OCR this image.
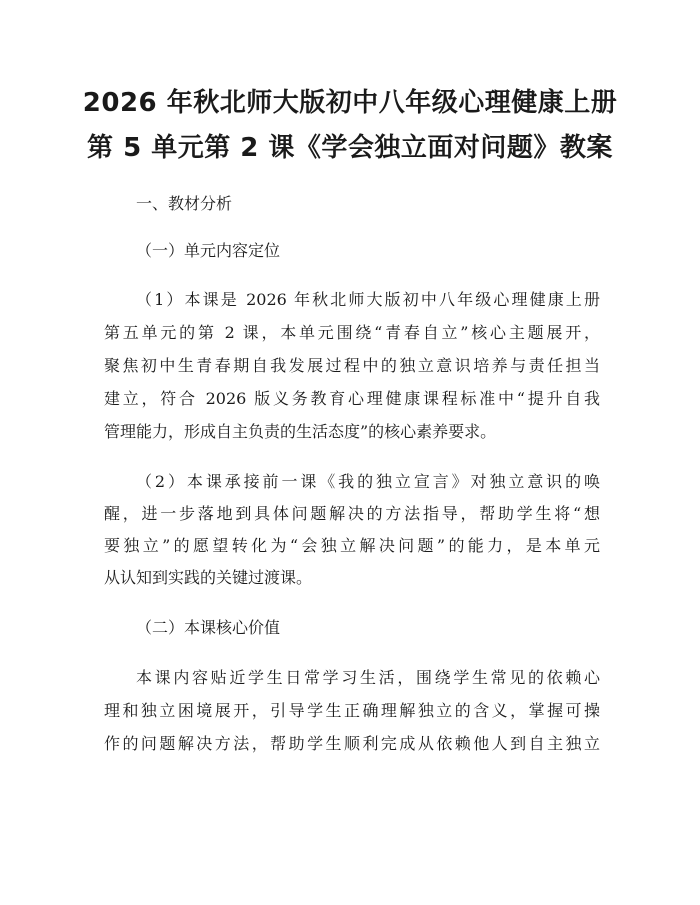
2026 年秋北师大版初中八年级心理健康上册
第 5 单元第 2 课《学会独立面对问题》教案
一、教材分析
（一）单元内容定位
（1）本课是 2026 年秋北师大版初中八年级心理健康上册
第五单元的第 2 课，本单元围绕“青春自立”核心主题展开，
聚焦初中生青春期自我发展过程中的独立意识培养与责任担当
建立，符合 2026 版义务教育心理健康课程标准中“提升自我
管理能力，形成自主负责的生活态度”的核心素养要求。
（2）本课承接前一课《我的独立宣言》对独立意识的唤
醒，进一步落地到具体问题解决的方法指导，帮助学生将“想
要独立”的愿望转化为“会独立解决问题”的能力，是本单元
从认知到实践的关键过渡课。
（二）本课核心价值
本课内容贴近学生日常学习生活，围绕学生常见的依赖心
理和独立困境展开，引导学生正确理解独立的含义，掌握可操
作的问题解决方法，帮助学生顺利完成从依赖他人到自主独立
